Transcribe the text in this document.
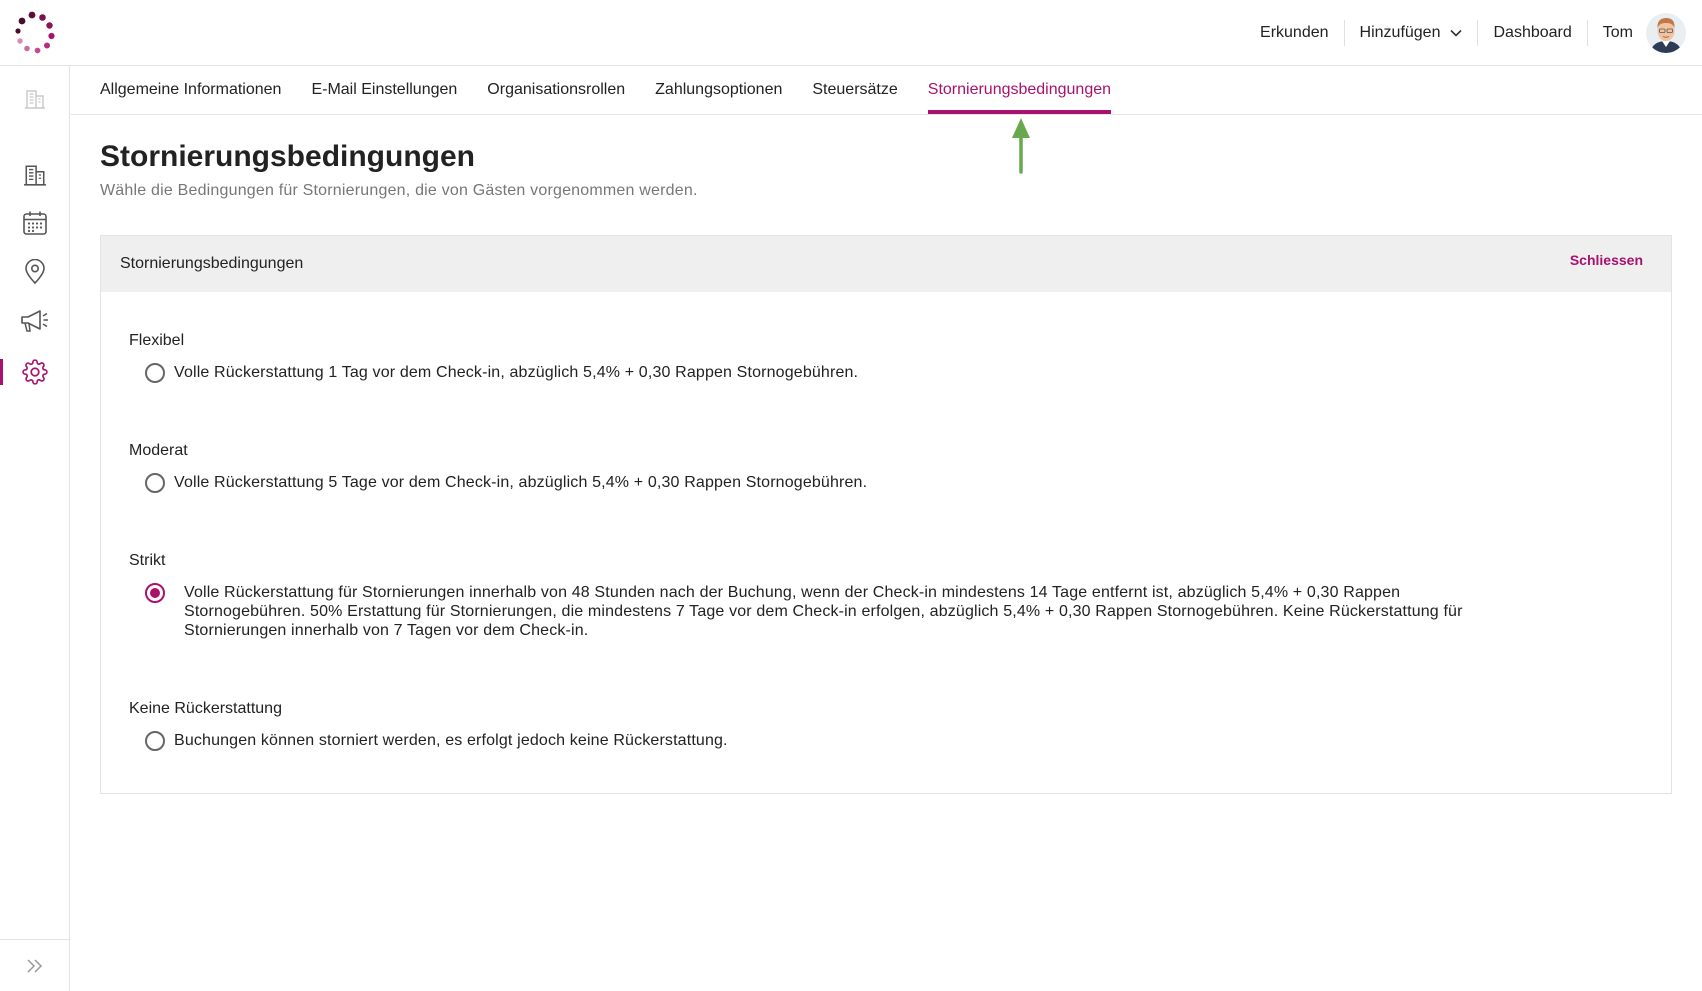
Erkunden Hinzufügen	Dashboard Tom
Allgemeine Informationen E-Mail Einstellungen Organisationsrollen Zahlungsoptionen Steuersätze Stornierungsbedingungen
Stornierungsbedingungen
Wähle die Bedingungen für Stornierungen, die von Gästen vorgenommen werden.
Stornierungsbedingungen	Schliessen
Flexibel
Volle Rückerstattung 1 Tag vor dem Check-in, abzüglich 5,4% + 0,30 Rappen Stornogebühren.
Moderat
Volle Rückerstattung 5 Tage vor dem Check-in, abzüglich 5,4% + 0,30 Rappen Stornogebühren.
Strikt
Volle Rückerstattung für Stornierungen innerhalb von 48 Stunden nach der Buchung, wenn der Check-in mindestens 14 Tage entfernt ist, abzüglich 5,4% + 0,30 Rappen Stornogebühren. 50% Erstattung für Stornierungen, die mindestens 7 Tage vor dem Check-in erfolgen, abzüglich 5,4% + 0,30 Rappen Stornogebühren. Keine Rückerstattung für Stornierungen innerhalb von 7 Tagen vor dem Check-in.
Keine Rückerstattung
Buchungen können storniert werden, es erfolgt jedoch keine Rückerstattung.
